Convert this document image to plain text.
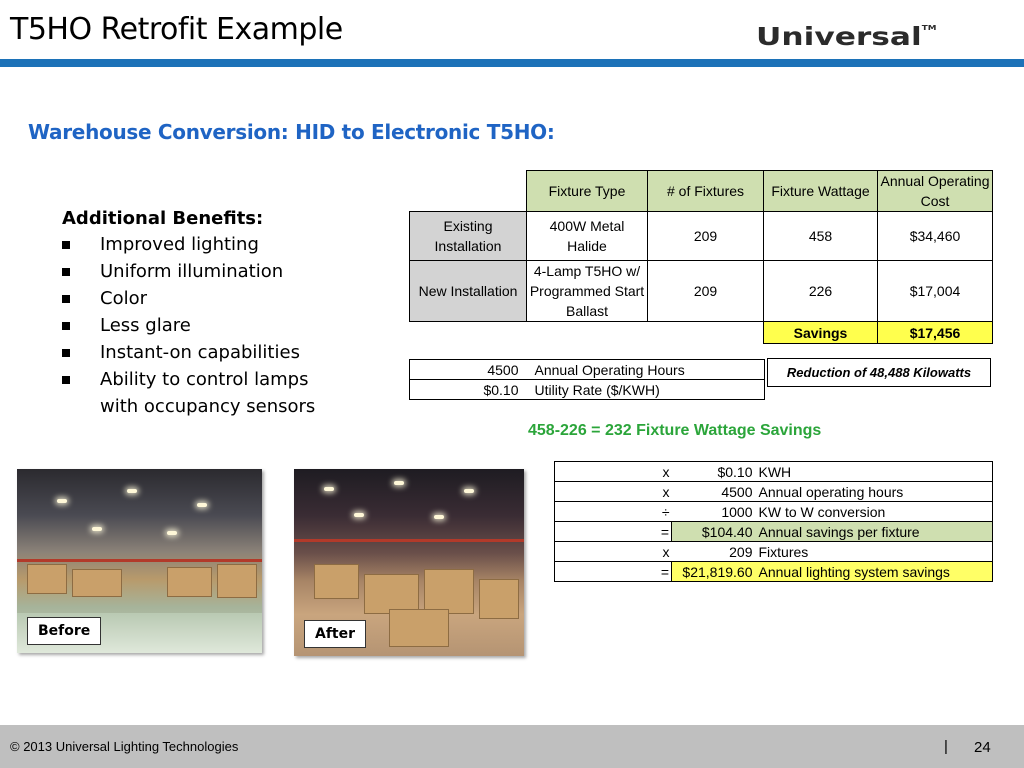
T5HO Retrofit Example	Universal™
Warehouse Conversion: HID to Electronic T5HO:
Additional Benefits:
Improved lighting
Uniform illumination
Color
Less glare
Instant-on capabilities
Ability to control lamps with occupancy sensors
	Fixture Type	# of Fixtures	Fixture Wattage	Annual Operating Cost
Existing Installation	400W Metal Halide	209	458	$34,460
New Installation	4-Lamp T5HO w/ Programmed Start Ballast	209	226	$17,004
			Savings	$17,456
4500	Annual Operating Hours
$0.10	Utility Rate ($/KWH)
Reduction of 48,488 Kilowatts
458-226 = 232 Fixture Wattage Savings
x	$0.10	KWH
x	4500	Annual operating hours
÷	1000	KW to W conversion
=	$104.40	Annual savings per fixture
x	209	Fixtures
=	$21,819.60	Annual lighting system savings
Before	After
© 2013 Universal Lighting Technologies	| 24
